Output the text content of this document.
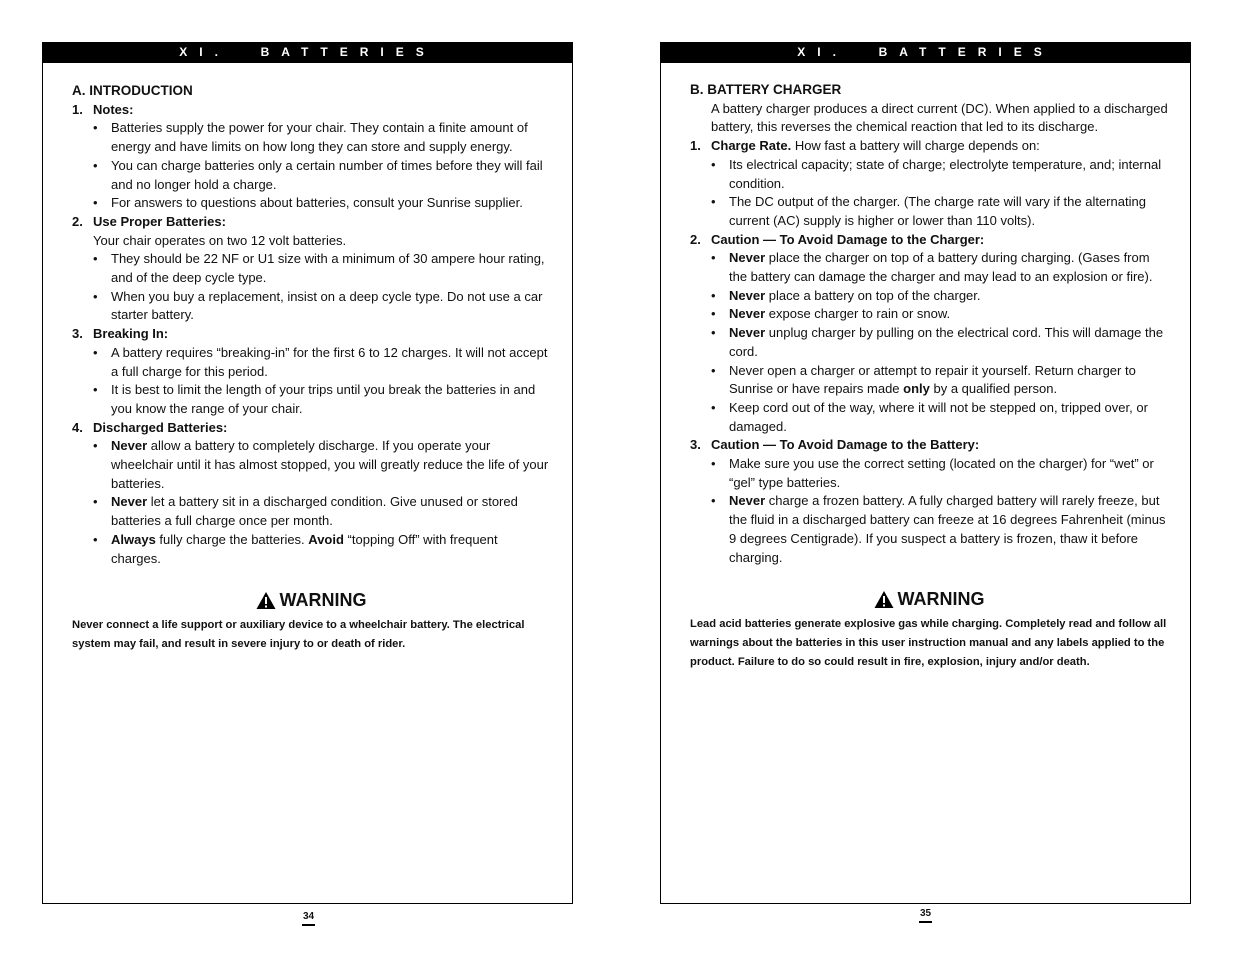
XI.  BATTERIES
A. INTRODUCTION
1. Notes:
• Batteries supply the power for your chair. They contain a finite amount of energy and have limits on how long they can store and supply energy.
• You can charge batteries only a certain number of times before they will fail and no longer hold a charge.
• For answers to questions about batteries, consult your Sunrise supplier.
2. Use Proper Batteries:
Your chair operates on two 12 volt batteries.
• They should be 22 NF or U1 size with a minimum of 30 ampere hour rating, and of the deep cycle type.
• When you buy a replacement, insist on a deep cycle type. Do not use a car starter battery.
3. Breaking In:
• A battery requires “breaking-in” for the first 6 to 12 charges. It will not accept a full charge for this period.
• It is best to limit the length of your trips until you break the batteries in and you know the range of your chair.
4. Discharged Batteries:
• Never allow a battery to completely discharge. If you operate your wheelchair until it has almost stopped, you will greatly reduce the life of your batteries.
• Never let a battery sit in a discharged condition. Give unused or stored batteries a full charge once per month.
• Always fully charge the batteries. Avoid “topping Off” with frequent charges.
WARNING
Never connect a life support or auxiliary device to a wheelchair battery. The electrical system may fail, and result in severe injury to or death of rider.
34
XI.  BATTERIES
B. BATTERY CHARGER
A battery charger produces a direct current (DC). When applied to a discharged battery, this reverses the chemical reaction that led to its discharge.
1. Charge Rate. How fast a battery will charge depends on:
• Its electrical capacity; state of charge; electrolyte temperature, and; internal condition.
• The DC output of the charger. (The charge rate will vary if the alternating current (AC) supply is higher or lower than 110 volts).
2. Caution — To Avoid Damage to the Charger:
• Never place the charger on top of a battery during charging. (Gases from the battery can damage the charger and may lead to an explosion or fire).
• Never place a battery on top of the charger.
• Never expose charger to rain or snow.
• Never unplug charger by pulling on the electrical cord. This will damage the cord.
• Never open a charger or attempt to repair it yourself. Return charger to Sunrise or have repairs made only by a qualified person.
• Keep cord out of the way, where it will not be stepped on, tripped over, or damaged.
3. Caution — To Avoid Damage to the Battery:
• Make sure you use the correct setting (located on the charger) for “wet” or “gel” type batteries.
• Never charge a frozen battery. A fully charged battery will rarely freeze, but the fluid in a discharged battery can freeze at 16 degrees Fahrenheit (minus 9 degrees Centigrade). If you suspect a battery is frozen, thaw it before charging.
WARNING
Lead acid batteries generate explosive gas while charging. Completely read and follow all warnings about the batteries in this user instruction manual and any labels applied to the product. Failure to do so could result in fire, explosion, injury and/or death.
35
